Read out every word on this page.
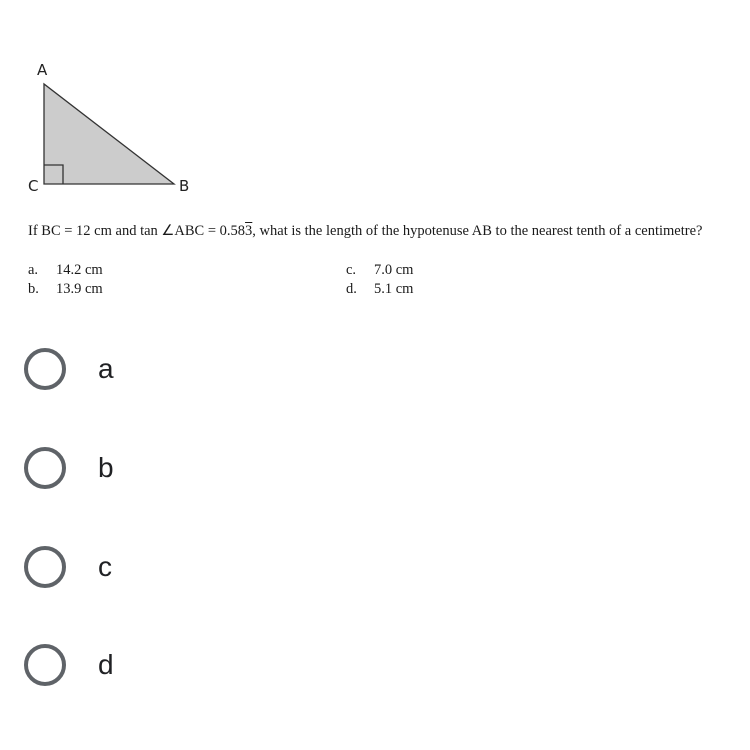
A
C	B
If BC = 12 cm and tan ∠ABC = 0.583, what is the length of the hypotenuse AB to the nearest tenth of a centimetre?
a. 14.2 cm
b. 13.9 cm
c. 7.0 cm
d. 5.1 cm
a
b
c
d
